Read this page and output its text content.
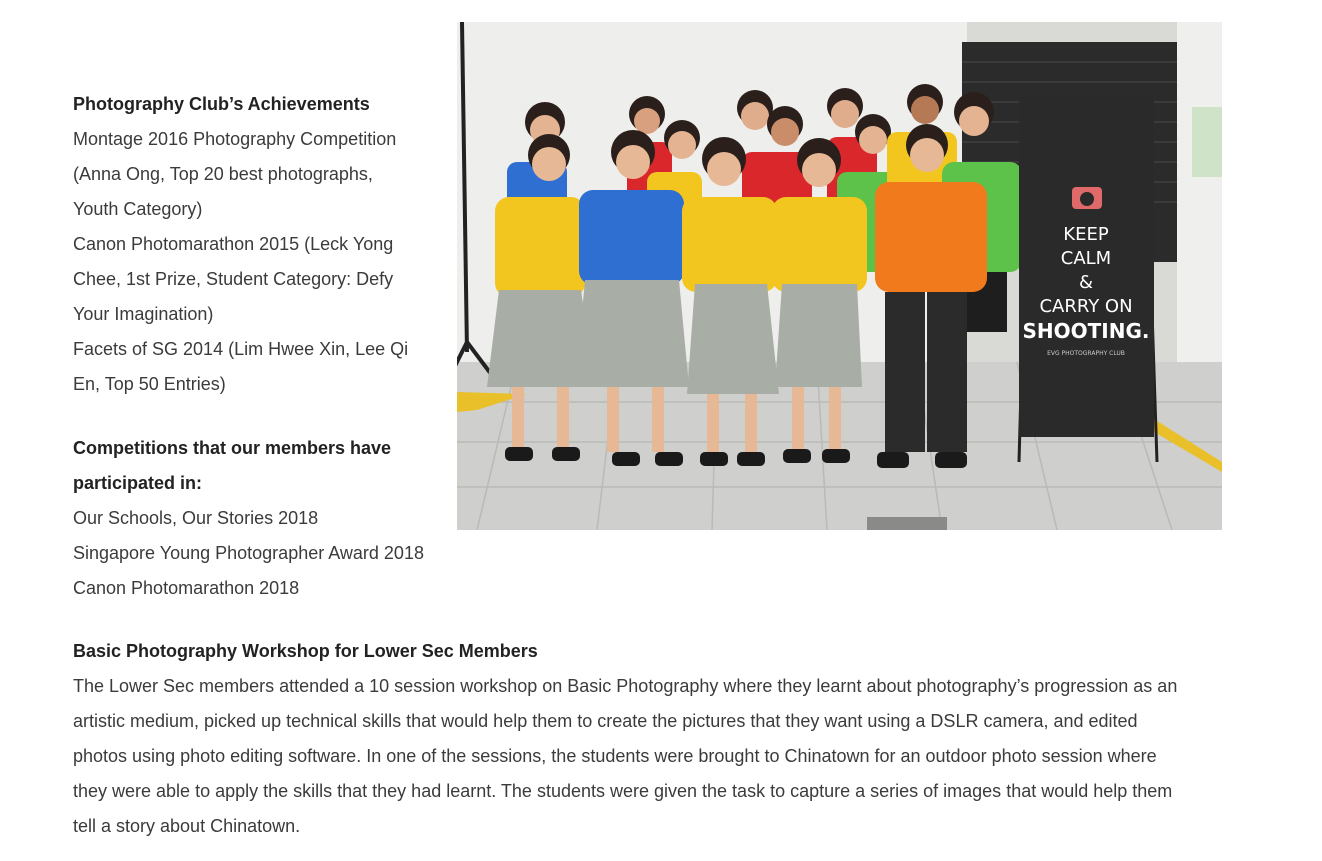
Photography Club’s Achievements
Montage 2016 Photography Competition
(Anna Ong, Top 20 best photographs,
Youth Category)
Canon Photomarathon 2015 (Leck Yong
Chee, 1st Prize, Student Category: Defy
Your Imagination)
Facets of SG 2014 (Lim Hwee Xin, Lee Qi
En, Top 50 Entries)
Competitions that our members have
participated in:
Our Schools, Our Stories 2018
Singapore Young Photographer Award 2018
Canon Photomarathon 2018
KEEP
CALM
&
CARRY ON
SHOOTING.
EVG PHOTOGRAPHY CLUB
Basic Photography Workshop for Lower Sec Members
The Lower Sec members attended a 10 session workshop on Basic Photography where they learnt about photography’s progression as an
artistic medium, picked up technical skills that would help them to create the pictures that they want using a DSLR camera, and edited
photos using photo editing software. In one of the sessions, the students were brought to Chinatown for an outdoor photo session where
they were able to apply the skills that they had learnt. The students were given the task to capture a series of images that would help them
tell a story about Chinatown.
